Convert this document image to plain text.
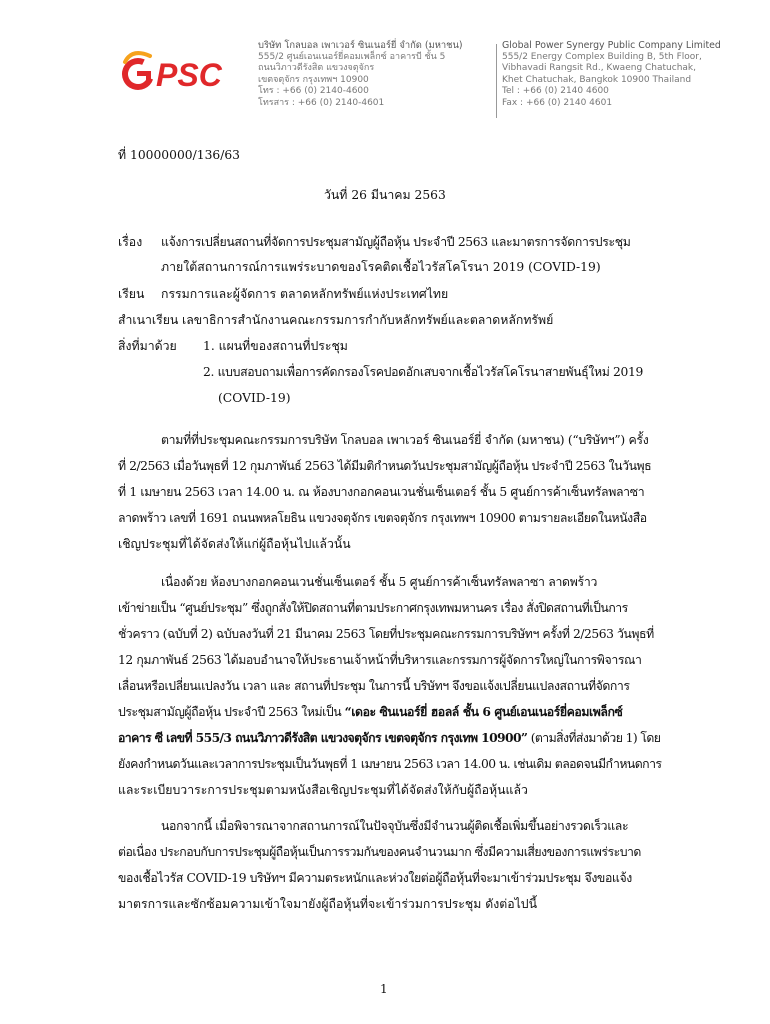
PSC
บริษัท โกลบอล เพาเวอร์ ซินเนอร์ยี่ จำกัด (มหาชน)
555/2 ศูนย์เอนเนอร์ยี่คอมเพล็กซ์ อาคารบี ชั้น 5
ถนนวิภาวดีรังสิต แขวงจตุจักร
เขตจตุจักร กรุงเทพฯ 10900
โทร : +66 (0) 2140-4600
โทรสาร : +66 (0) 2140-4601
Global Power Synergy Public Company Limited
555/2 Energy Complex Building B, 5th Floor,
Vibhavadi Rangsit Rd., Kwaeng Chatuchak,
Khet Chatuchak, Bangkok 10900 Thailand
Tel : +66 (0) 2140 4600
Fax : +66 (0) 2140 4601
ที่ 10000000/136/63
วันที่ 26 มีนาคม 2563
เรื่อง แจ้งการเปลี่ยนสถานที่จัดการประชุมสามัญผู้ถือหุ้น ประจำปี 2563 และมาตรการจัดการประชุม
ภายใต้สถานการณ์การแพร่ระบาดของโรคติดเชื้อไวรัสโคโรนา 2019 (COVID-19)
เรียน กรรมการและผู้จัดการ ตลาดหลักทรัพย์แห่งประเทศไทย
สำเนาเรียน เลขาธิการสำนักงานคณะกรรมการกำกับหลักทรัพย์และตลาดหลักทรัพย์
สิ่งที่มาด้วย 1. แผนที่ของสถานที่ประชุม
2. แบบสอบถามเพื่อการคัดกรองโรคปอดอักเสบจากเชื้อไวรัสโคโรนาสายพันธุ์ใหม่ 2019
(COVID-19)
ตามที่ที่ประชุมคณะกรรมการบริษัท โกลบอล เพาเวอร์ ซินเนอร์ยี่ จำกัด (มหาชน) (“บริษัทฯ”) ครั้ง
ที่ 2/2563 เมื่อวันพุธที่ 12 กุมภาพันธ์ 2563 ได้มีมติกำหนดวันประชุมสามัญผู้ถือหุ้น ประจำปี 2563 ในวันพุธ
ที่ 1 เมษายน 2563 เวลา 14.00 น. ณ ห้องบางกอกคอนเวนชั่นเซ็นเตอร์ ชั้น 5 ศูนย์การค้าเซ็นทรัลพลาซา
ลาดพร้าว เลขที่ 1691 ถนนพหลโยธิน แขวงจตุจักร เขตจตุจักร กรุงเทพฯ 10900 ตามรายละเอียดในหนังสือ
เชิญประชุมที่ได้จัดส่งให้แก่ผู้ถือหุ้นไปแล้วนั้น
เนื่องด้วย ห้องบางกอกคอนเวนชั่นเซ็นเตอร์ ชั้น 5 ศูนย์การค้าเซ็นทรัลพลาซา ลาดพร้าว
เข้าข่ายเป็น “ศูนย์ประชุม” ซึ่งถูกสั่งให้ปิดสถานที่ตามประกาศกรุงเทพมหานคร เรื่อง สั่งปิดสถานที่เป็นการ
ชั่วคราว (ฉบับที่ 2) ฉบับลงวันที่ 21 มีนาคม 2563 โดยที่ประชุมคณะกรรมการบริษัทฯ ครั้งที่ 2/2563 วันพุธที่
12 กุมภาพันธ์ 2563 ได้มอบอำนาจให้ประธานเจ้าหน้าที่บริหารและกรรมการผู้จัดการใหญ่ในการพิจารณา
เลื่อนหรือเปลี่ยนแปลงวัน เวลา และ สถานที่ประชุม ในการนี้ บริษัทฯ จึงขอแจ้งเปลี่ยนแปลงสถานที่จัดการ
ประชุมสามัญผู้ถือหุ้น ประจำปี 2563 ใหม่เป็น “เดอะ ซินเนอร์ยี่ ฮอลล์ ชั้น 6 ศูนย์เอนเนอร์ยี่คอมเพล็กซ์
อาคาร ซี เลขที่ 555/3 ถนนวิภาวดีรังสิต แขวงจตุจักร เขตจตุจักร กรุงเทพ 10900” (ตามสิ่งที่ส่งมาด้วย 1) โดย
ยังคงกำหนดวันและเวลาการประชุมเป็นวันพุธที่ 1 เมษายน 2563 เวลา 14.00 น. เช่นเดิม ตลอดจนมีกำหนดการ
และระเบียบวาระการประชุมตามหนังสือเชิญประชุมที่ได้จัดส่งให้กับผู้ถือหุ้นแล้ว
นอกจากนี้ เมื่อพิจารณาจากสถานการณ์ในปัจจุบันซึ่งมีจำนวนผู้ติดเชื้อเพิ่มขึ้นอย่างรวดเร็วและ
ต่อเนื่อง ประกอบกับการประชุมผู้ถือหุ้นเป็นการรวมกันของคนจำนวนมาก ซึ่งมีความเสี่ยงของการแพร่ระบาด
ของเชื้อไวรัส COVID-19 บริษัทฯ มีความตระหนักและห่วงใยต่อผู้ถือหุ้นที่จะมาเข้าร่วมประชุม จึงขอแจ้ง
มาตรการและซักซ้อมความเข้าใจมายังผู้ถือหุ้นที่จะเข้าร่วมการประชุม ดังต่อไปนี้
1
